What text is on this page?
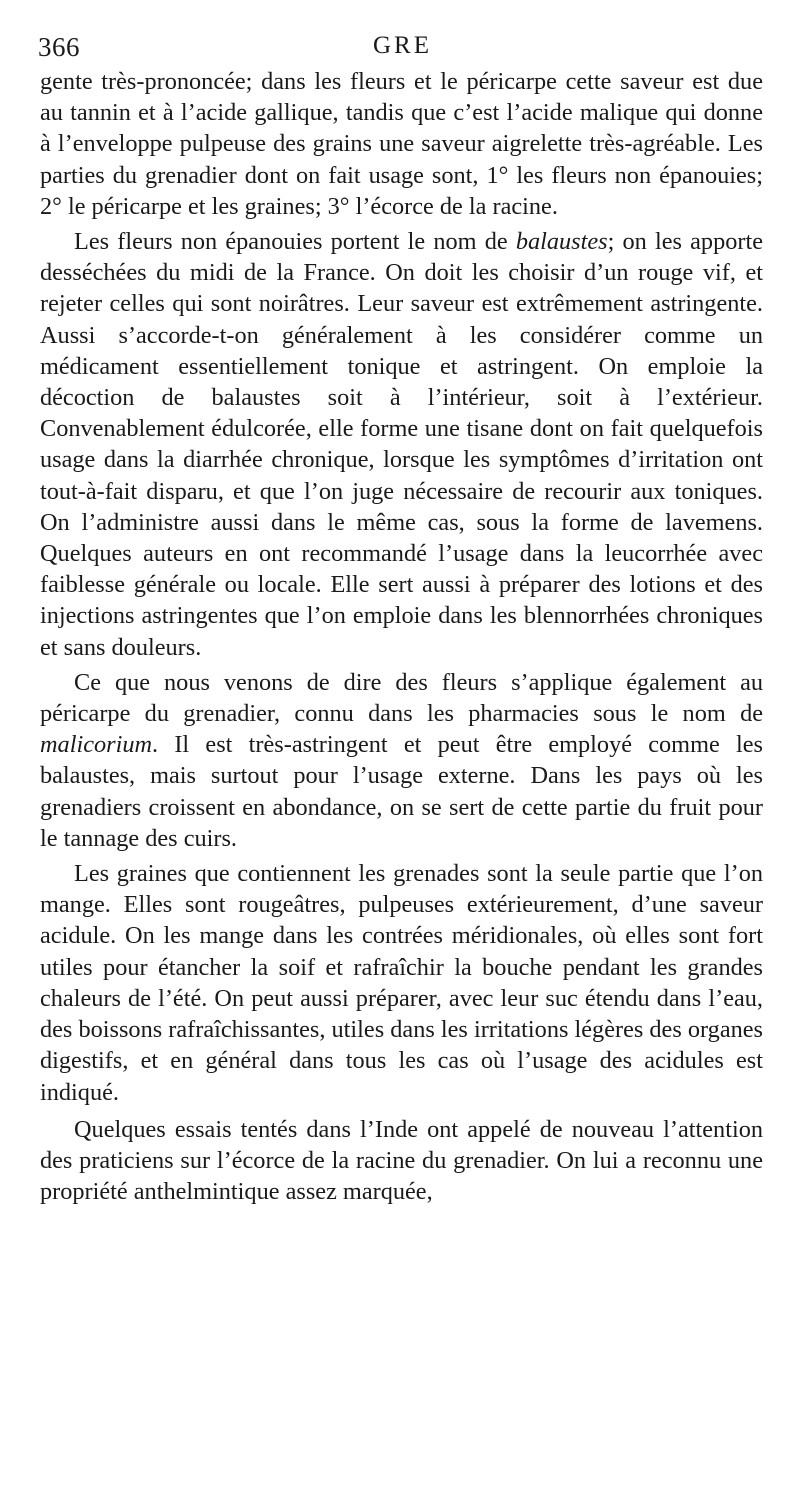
366	GRE

gente très-prononcée; dans les fleurs et le péricarpe cette saveur est due au tannin et à l’acide gallique, tandis que c’est l’acide malique qui donne à l’enveloppe pulpeuse des grains une saveur aigrelette très-agréable. Les parties du grenadier dont on fait usage sont, 1° les fleurs non épanouies; 2° le péricarpe et les graines; 3° l’écorce de la racine.

Les fleurs non épanouies portent le nom de balaustes; on les apporte desséchées du midi de la France. On doit les choisir d’un rouge vif, et rejeter celles qui sont noirâtres. Leur saveur est extrêmement astringente. Aussi s’accorde-t-on généralement à les considérer comme un médicament essentiellement tonique et astringent. On emploie la décoction de balaustes soit à l’intérieur, soit à l’extérieur. Convenablement édulcorée, elle forme une tisane dont on fait quelquefois usage dans la diarrhée chronique, lorsque les symptômes d’irritation ont tout-à-fait disparu, et que l’on juge nécessaire de recourir aux toniques. On l’administre aussi dans le même cas, sous la forme de lavemens. Quelques auteurs en ont recommandé l’usage dans la leucorrhée avec faiblesse générale ou locale. Elle sert aussi à préparer des lotions et des injections astringentes que l’on emploie dans les blennorrhées chroniques et sans douleurs.

Ce que nous venons de dire des fleurs s’applique également au péricarpe du grenadier, connu dans les pharmacies sous le nom de malicorium. Il est très-astringent et peut être employé comme les balaustes, mais surtout pour l’usage externe. Dans les pays où les grenadiers croissent en abondance, on se sert de cette partie du fruit pour le tannage des cuirs.

Les graines que contiennent les grenades sont la seule partie que l’on mange. Elles sont rougeâtres, pulpeuses extérieurement, d’une saveur acidule. On les mange dans les contrées méridionales, où elles sont fort utiles pour étancher la soif et rafraîchir la bouche pendant les grandes chaleurs de l’été. On peut aussi préparer, avec leur suc étendu dans l’eau, des boissons rafraîchissantes, utiles dans les irritations légères des organes digestifs, et en général dans tous les cas où l’usage des acidules est indiqué.

Quelques essais tentés dans l’Inde ont appelé de nouveau l’attention des praticiens sur l’écorce de la racine du grenadier. On lui a reconnu une propriété anthelmintique assez marquée,
